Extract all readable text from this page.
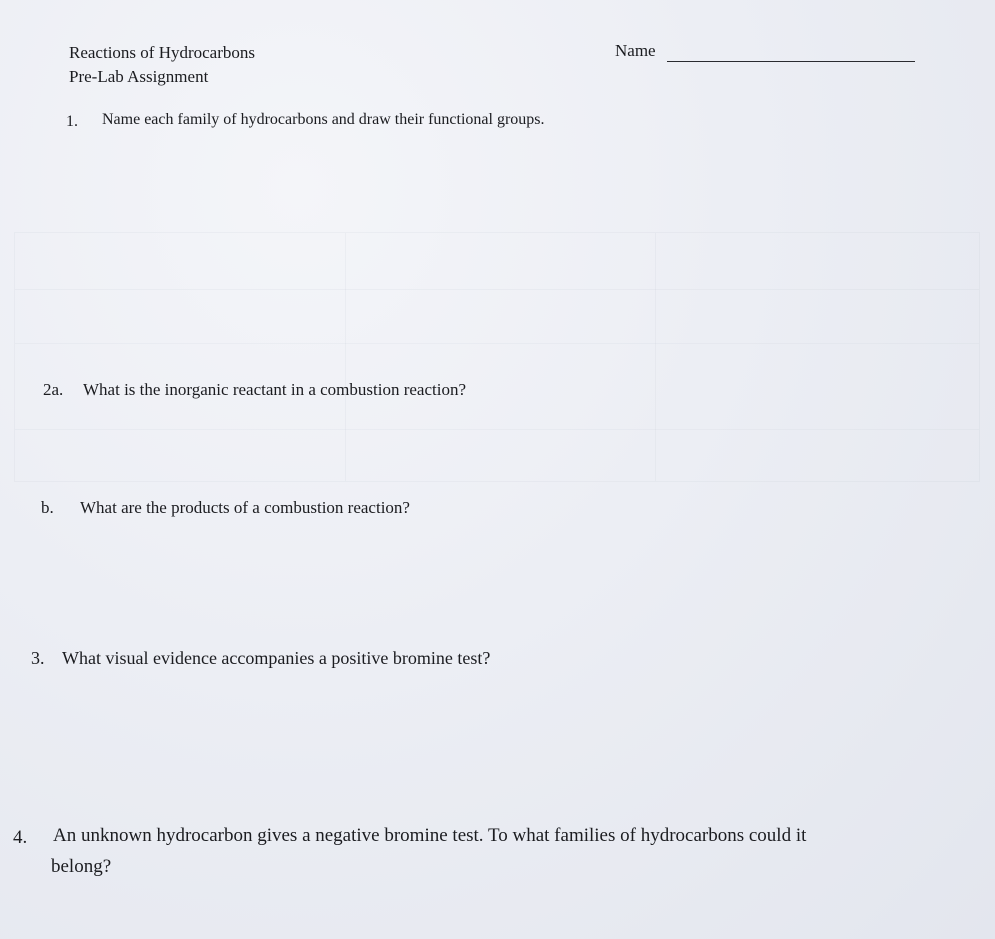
Reactions of Hydrocarbons
Pre-Lab Assignment
Name
1. Name each family of hydrocarbons and draw their functional groups.
2a. What is the inorganic reactant in a combustion reaction?
b. What are the products of a combustion reaction?
3. What visual evidence accompanies a positive bromine test?
4. An unknown hydrocarbon gives a negative bromine test. To what families of hydrocarbons could it
belong?
